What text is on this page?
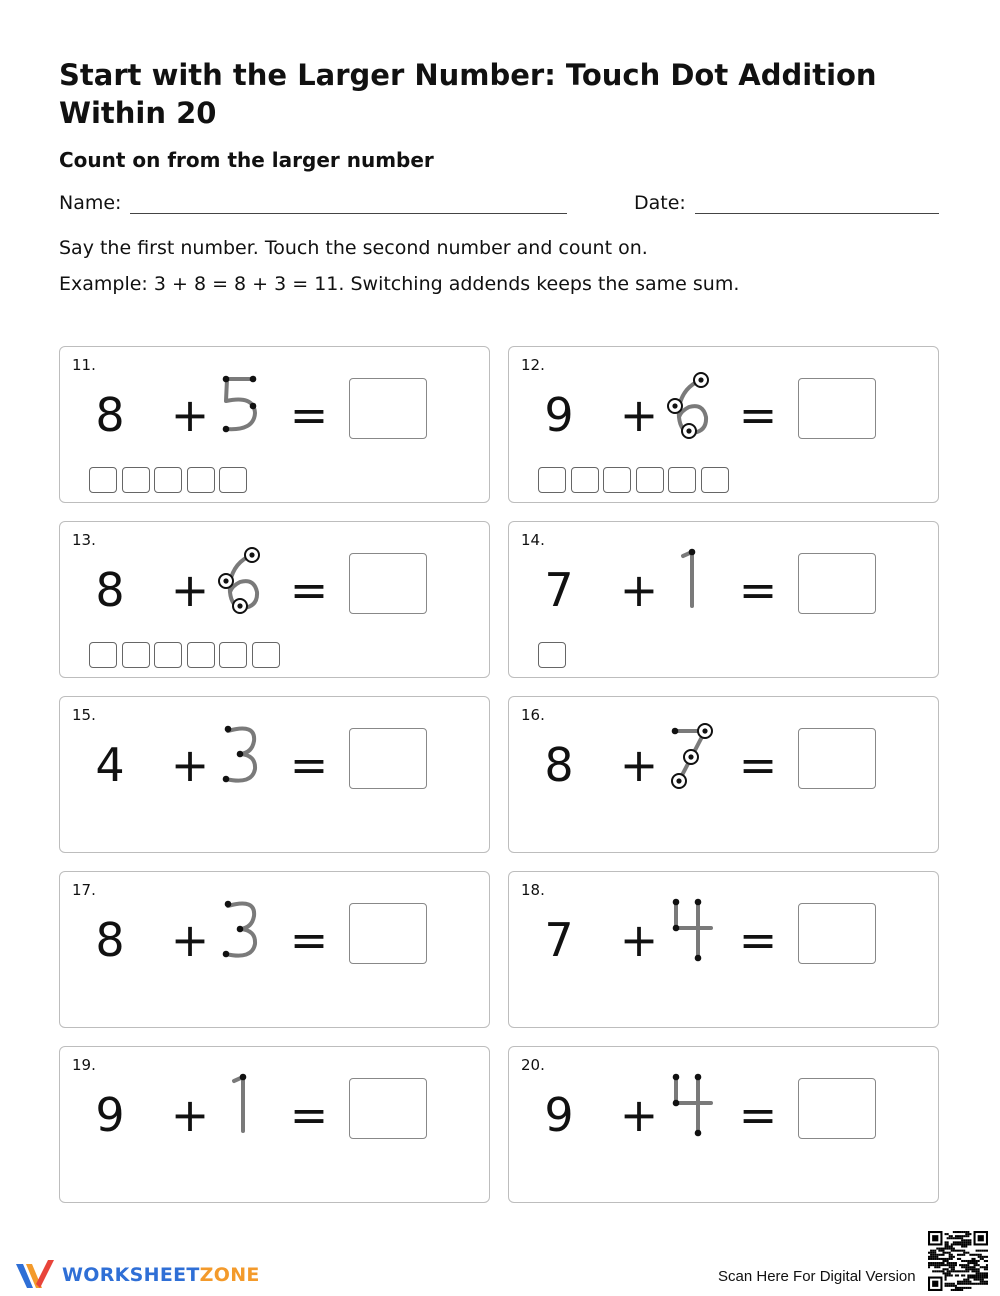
Start with the Larger Number: Touch Dot Addition Within 20
Count on from the larger number
Name:	Date:
Say the first number. Touch the second number and count on.
Example: 3 + 8 = 8 + 3 = 11. Switching addends keeps the same sum.
11.
8 + =
12.
9 + =
13.
8 + =
14.
7 + =
15.
4 + =
16.
8 + =
17.
8 + =
18.
7 + =
19.
9 + =
20.
9 + =
WORKSHEETZONE	Scan Here For Digital Version
